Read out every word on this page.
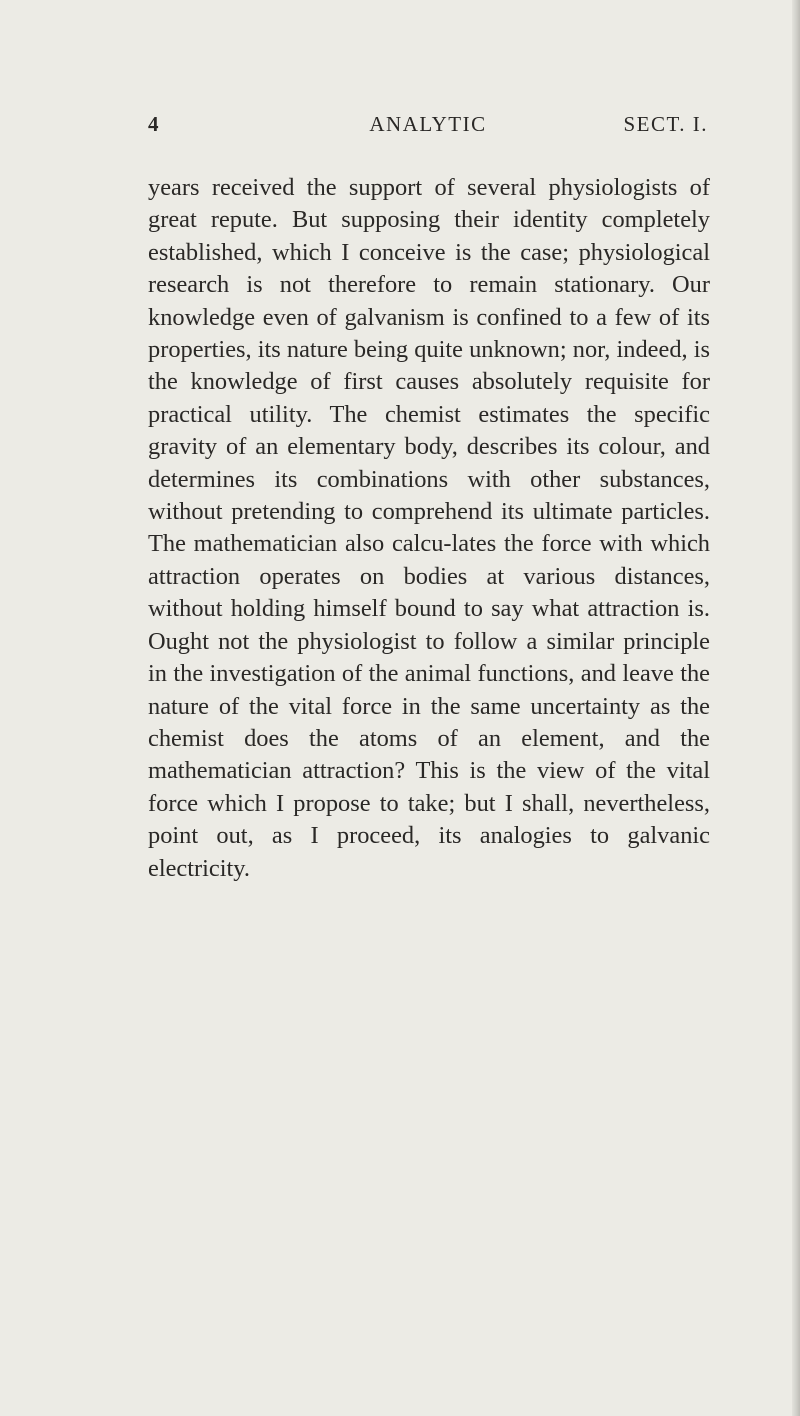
4	ANALYTIC	SECT. I.

years received the support of several physiologists of great repute. But supposing their identity completely established, which I conceive is the case; physiological research is not therefore to remain stationary. Our knowledge even of galvanism is confined to a few of its properties, its nature being quite unknown; nor, indeed, is the knowledge of first causes absolutely requisite for practical utility. The chemist estimates the specific gravity of an elementary body, describes its colour, and determines its combinations with other substances, without pretending to comprehend its ultimate particles. The mathematician also calcu-lates the force with which attraction operates on bodies at various distances, without holding himself bound to say what attraction is. Ought not the physiologist to follow a similar principle in the investigation of the animal functions, and leave the nature of the vital force in the same uncertainty as the chemist does the atoms of an element, and the mathematician attraction? This is the view of the vital force which I propose to take; but I shall, nevertheless, point out, as I proceed, its analogies to galvanic electricity.
